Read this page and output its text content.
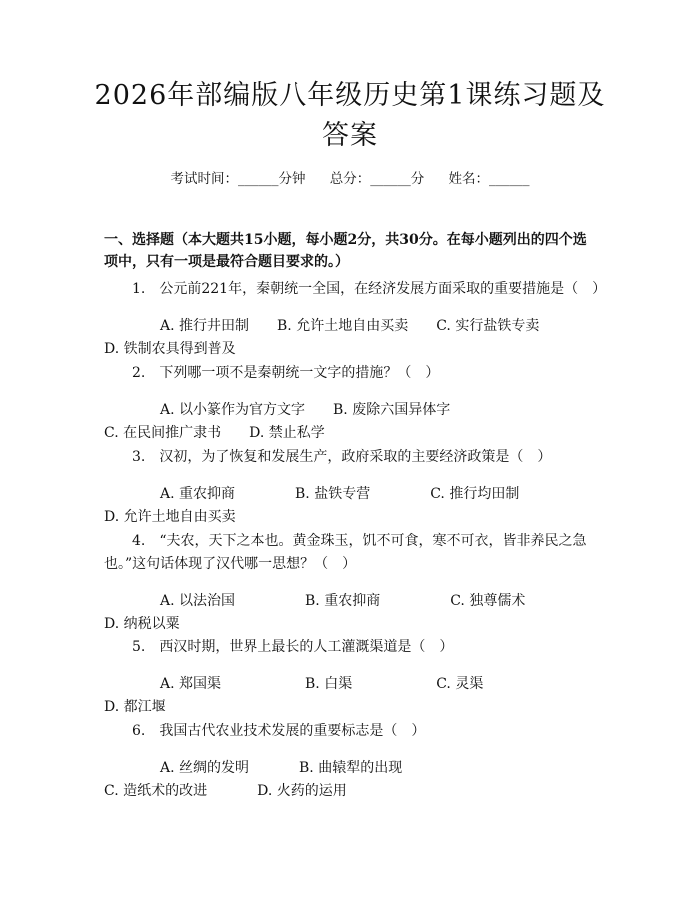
2026年部编版八年级历史第1课练习题及答案
考试时间：______分钟 总分：______分 姓名：______
一、选择题（本大题共15小题，每小题2分，共30分。在每小题列出的四个选项中，只有一项是最符合题目要求的。）
1.　公元前221年，秦朝统一全国，在经济发展方面采取的重要措施是（　）
A. 推行井田制 B. 允许土地自由买卖 C. 实行盐铁专卖D. 铁制农具得到普及
2.　下列哪一项不是秦朝统一文字的措施？（　）
A. 以小篆作为官方文字 B. 废除六国异体字C. 在民间推广隶书 D. 禁止私学
3.　汉初，为了恢复和发展生产，政府采取的主要经济政策是（　）
A. 重农抑商	B. 盐铁专营	C. 推行均田制D. 允许土地自由买卖
4.　“夫农，天下之本也。黄金珠玉，饥不可食，寒不可衣，皆非养民之急也。”这句话体现了汉代哪一思想？（　）
A. 以法治国	B. 重农抑商	C. 独尊儒术D. 纳税以粟
5.　西汉时期，世界上最长的人工灌溉渠道是（　）
A. 郑国渠	B. 白渠	C. 灵渠D. 都江堰
6.　我国古代农业技术发展的重要标志是（　）
A. 丝绸的发明	B. 曲辕犁的出现C. 造纸术的改进	D. 火药的运用
